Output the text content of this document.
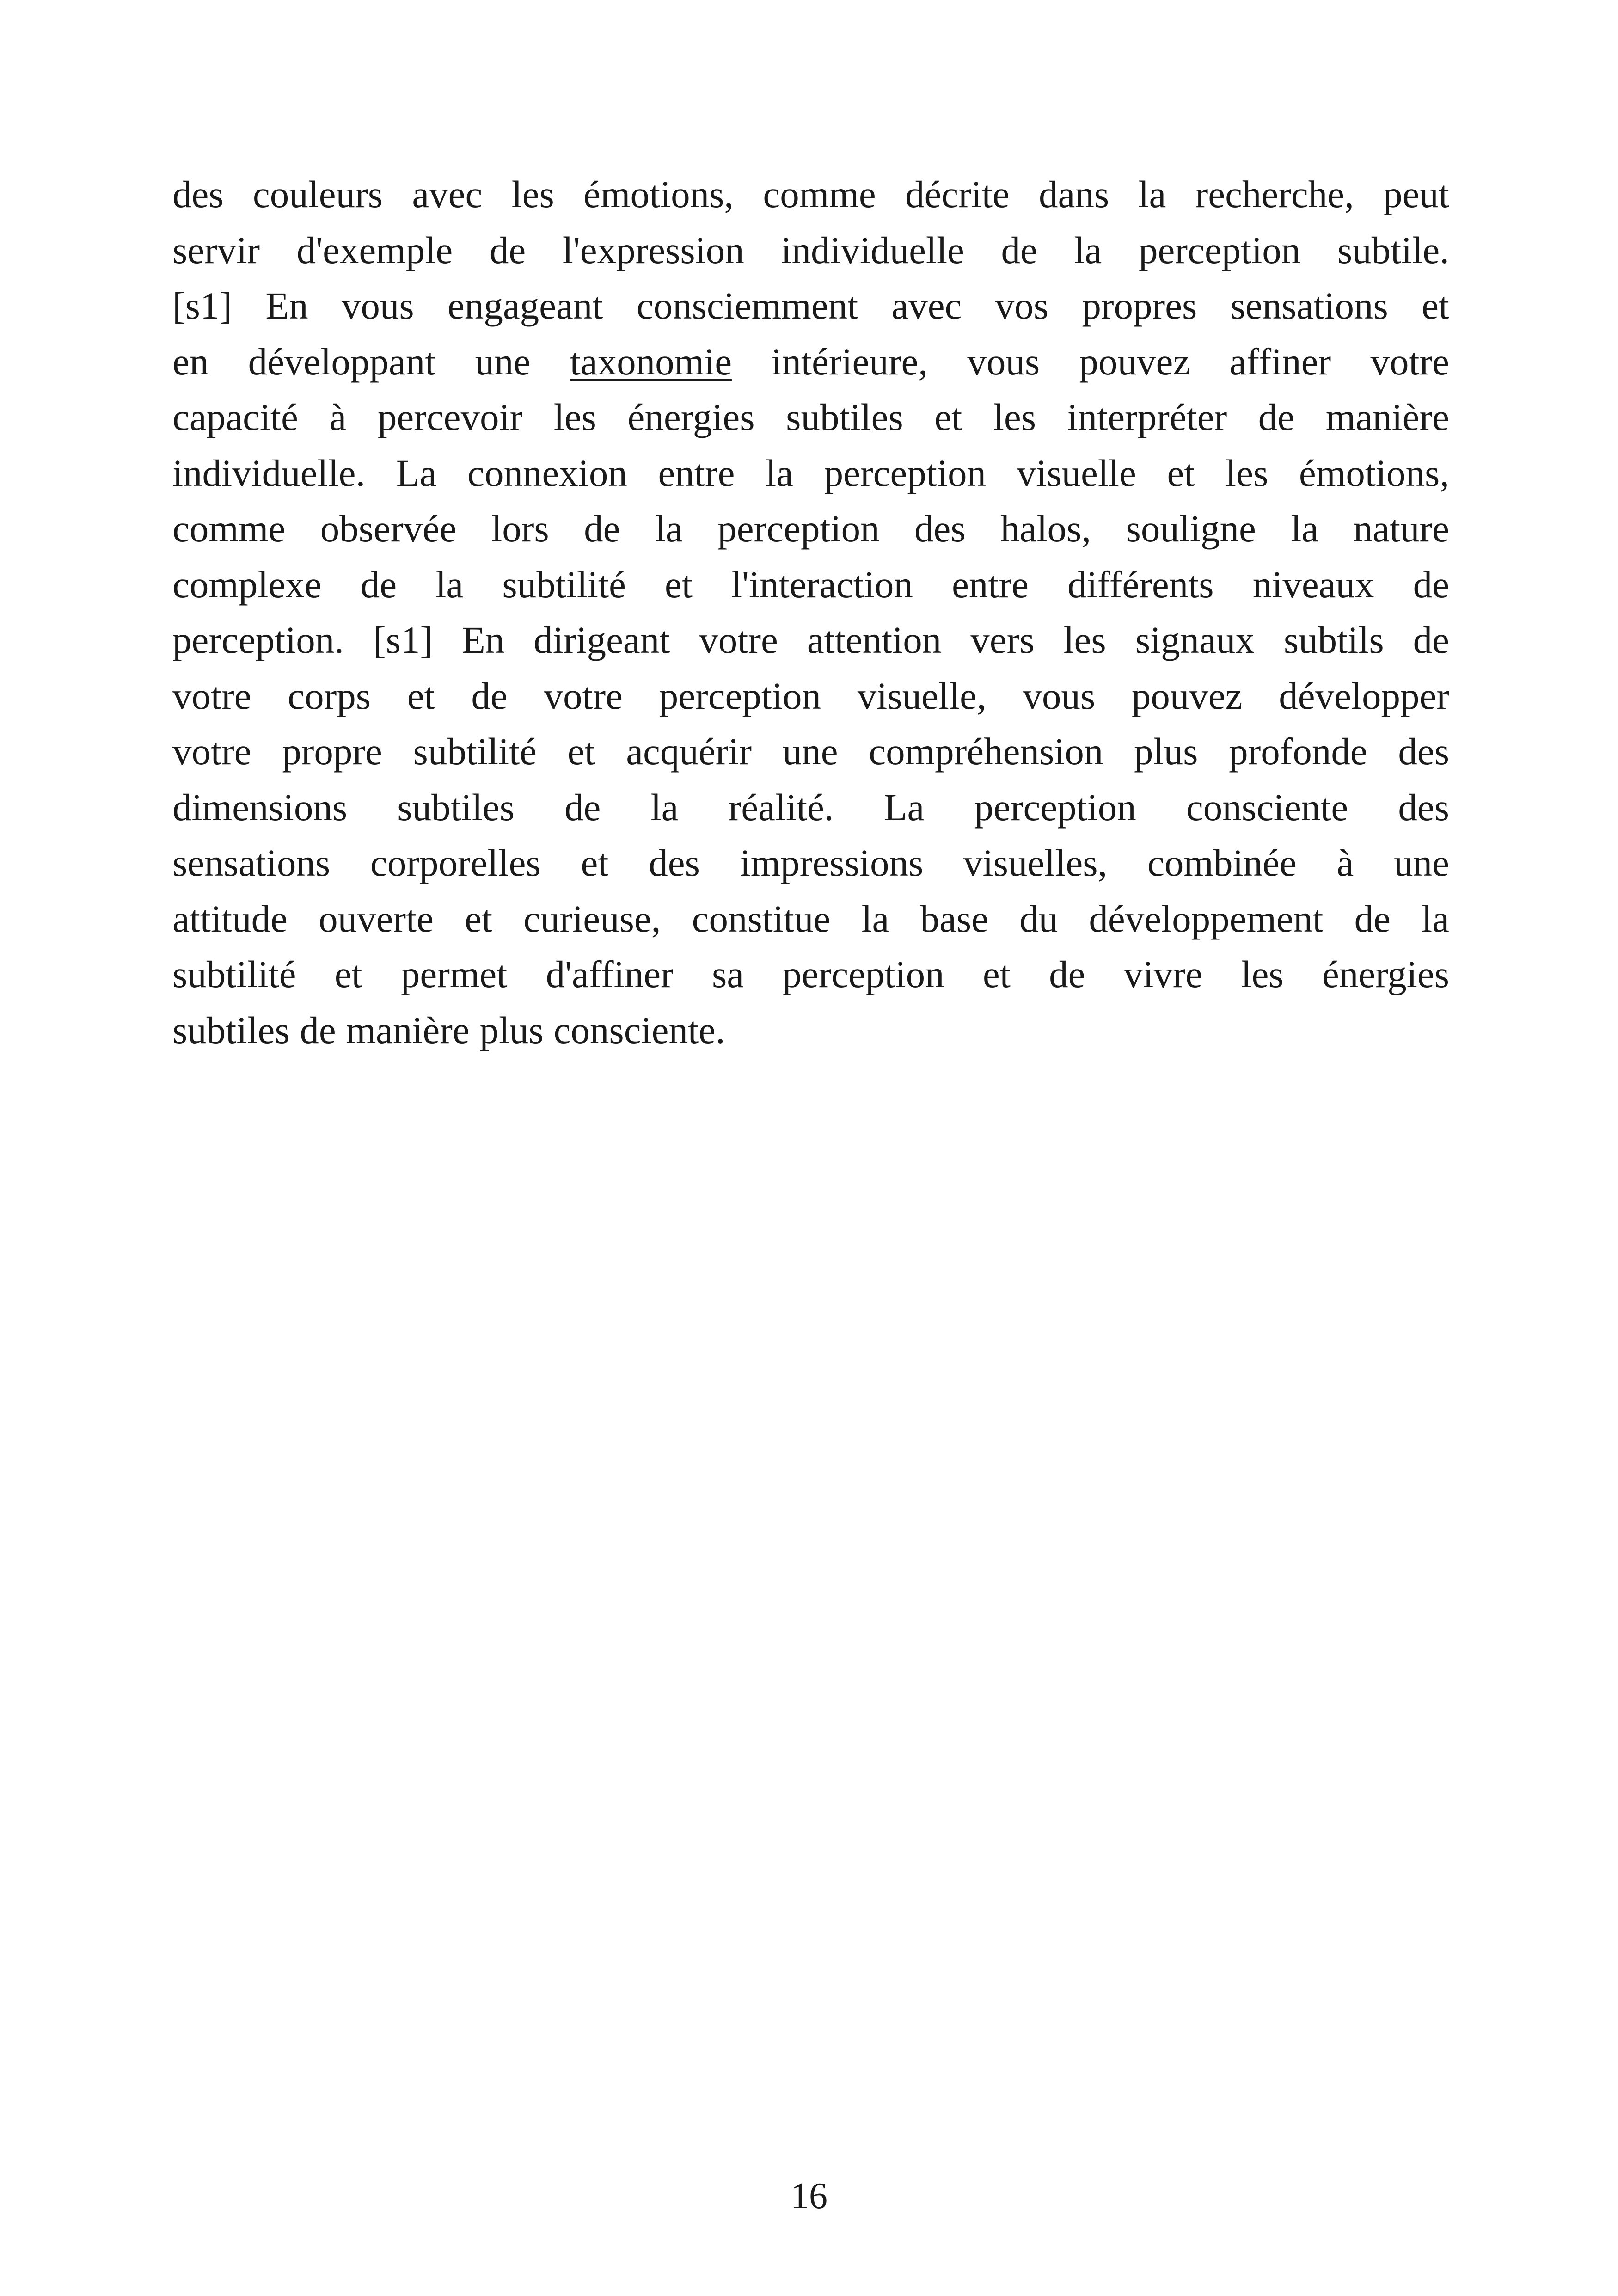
des couleurs avec les émotions, comme décrite dans la recherche, peut
servir d'exemple de l'expression individuelle de la perception subtile.
[s1] En vous engageant consciemment avec vos propres sensations et
en développant une taxonomie intérieure, vous pouvez affiner votre
capacité à percevoir les énergies subtiles et les interpréter de manière
individuelle. La connexion entre la perception visuelle et les émotions,
comme observée lors de la perception des halos, souligne la nature
complexe de la subtilité et l'interaction entre différents niveaux de
perception. [s1] En dirigeant votre attention vers les signaux subtils de
votre corps et de votre perception visuelle, vous pouvez développer
votre propre subtilité et acquérir une compréhension plus profonde des
dimensions subtiles de la réalité. La perception consciente des
sensations corporelles et des impressions visuelles, combinée à une
attitude ouverte et curieuse, constitue la base du développement de la
subtilité et permet d'affiner sa perception et de vivre les énergies
subtiles de manière plus consciente.
16
